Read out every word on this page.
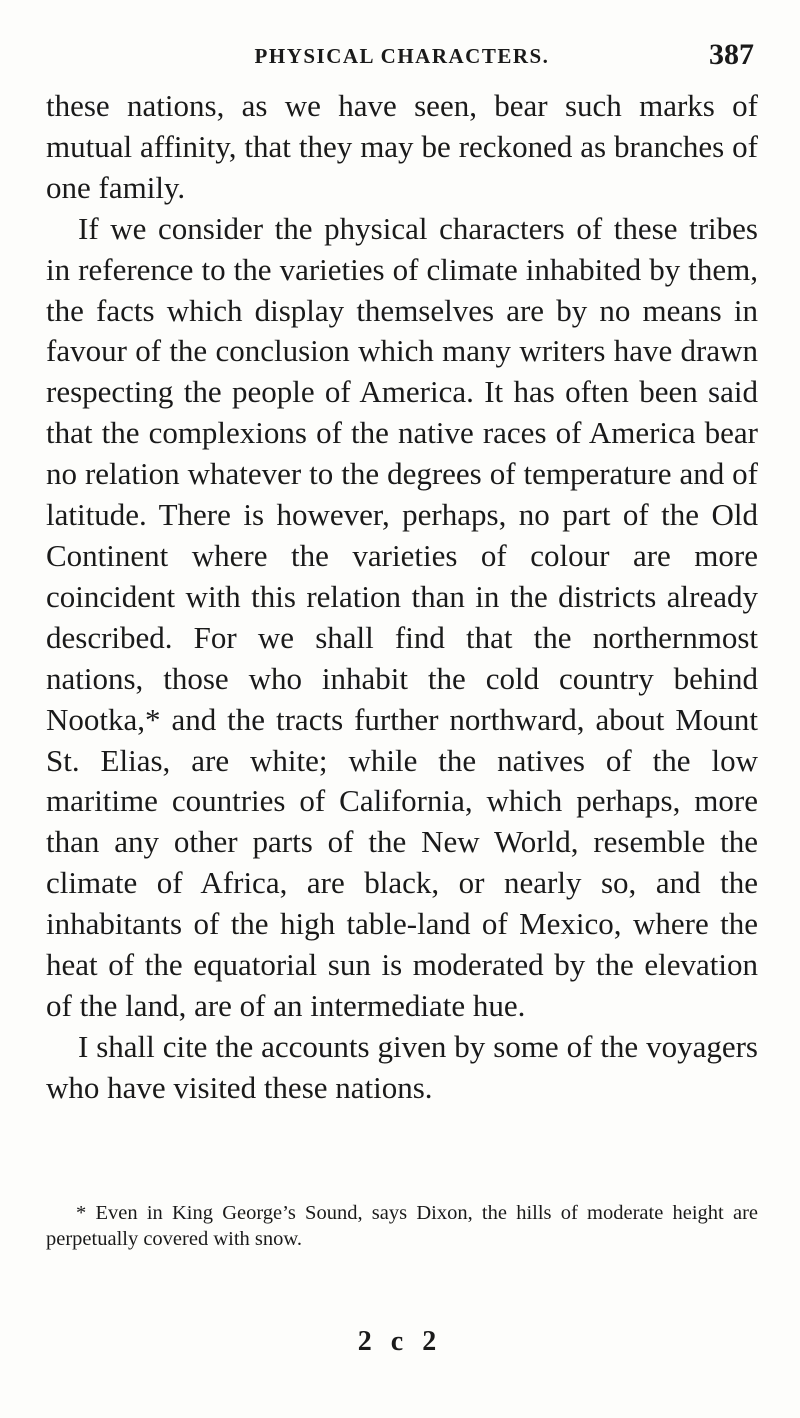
PHYSICAL CHARACTERS.	387

these nations, as we have seen, bear such marks of mutual affinity, that they may be reckoned as branches of one family.

If we consider the physical characters of these tribes in reference to the varieties of climate inhabited by them, the facts which display themselves are by no means in favour of the conclusion which many writers have drawn respecting the people of America. It has often been said that the complexions of the native races of America bear no relation whatever to the degrees of temperature and of latitude. There is however, perhaps, no part of the Old Continent where the varieties of colour are more coincident with this relation than in the districts already described. For we shall find that the northernmost nations, those who inhabit the cold country behind Nootka,* and the tracts further northward, about Mount St. Elias, are white; while the natives of the low maritime countries of California, which perhaps, more than any other parts of the New World, resemble the climate of Africa, are black, or nearly so, and the inhabitants of the high table-land of Mexico, where the heat of the equatorial sun is moderated by the elevation of the land, are of an intermediate hue.

I shall cite the accounts given by some of the voyagers who have visited these nations.

* Even in King George’s Sound, says Dixon, the hills of moderate height are perpetually covered with snow.
2 c 2
